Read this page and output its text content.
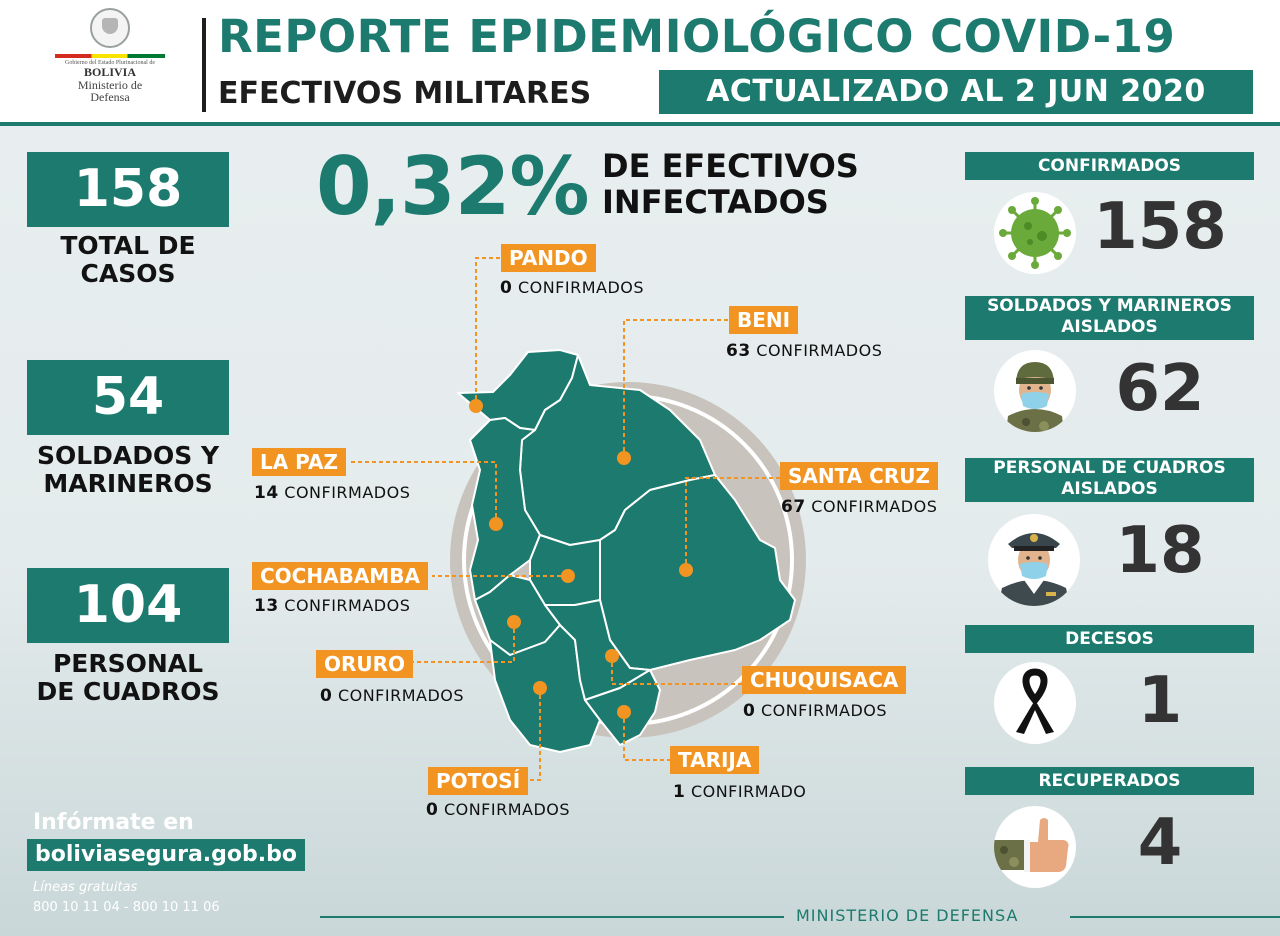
Gobierno del Estado Plurinacional de
BOLIVIA
Ministerio de
Defensa
REPORTE EPIDEMIOLÓGICO COVID-19
EFECTIVOS MILITARES	ACTUALIZADO AL 2 JUN 2020
158
TOTAL DE
CASOS
54
SOLDADOS Y
MARINEROS
104
PERSONAL
DE CUADROS
0,32% DE EFECTIVOS
INFECTADOS
PANDO
0 CONFIRMADOS
BENI
63 CONFIRMADOS
LA PAZ
14 CONFIRMADOS
SANTA CRUZ
67 CONFIRMADOS
COCHABAMBA
13 CONFIRMADOS
ORURO
0 CONFIRMADOS
CHUQUISACA
0 CONFIRMADOS
POTOSÍ
0 CONFIRMADOS
TARIJA
1 CONFIRMADO
CONFIRMADOS
158
SOLDADOS Y MARINEROS
AISLADOS
62
PERSONAL DE CUADROS
AISLADOS
18
DECESOS
1
RECUPERADOS
4
Infórmate en
boliviasegura.gob.bo
Líneas gratuitas
800 10 11 04 - 800 10 11 06	MINISTERIO DE DEFENSA
